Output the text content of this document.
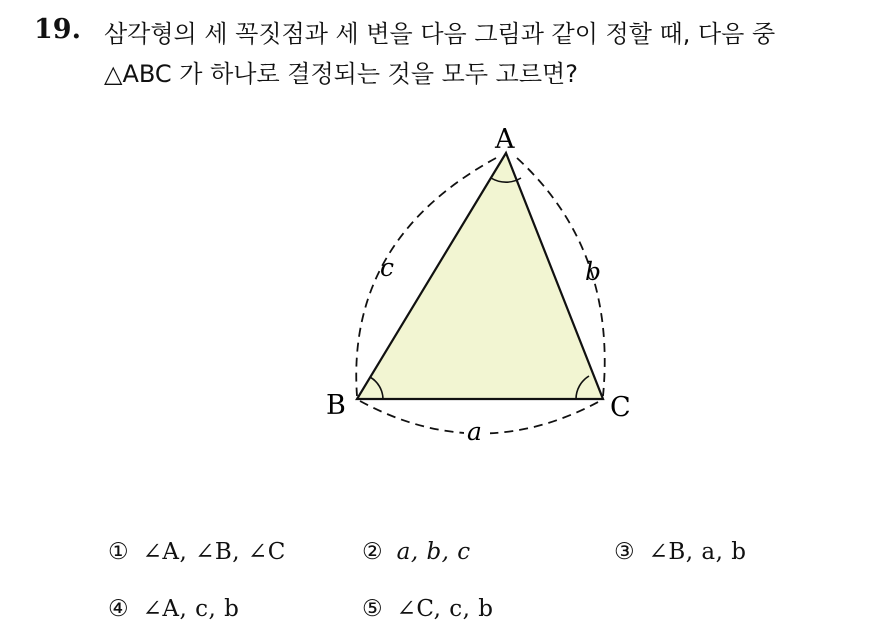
19. 삼각형의 세 꼭짓점과 세 변을 다음 그림과 같이 정할 때, 다음 중
△ABC 가 하나로 결정되는 것을 모두 고르면?
A
B	C
c	b
a
① ∠A, ∠B, ∠C	② a, b, c	③ ∠B, a, b
④ ∠A, c, b	⑤ ∠C, c, b
